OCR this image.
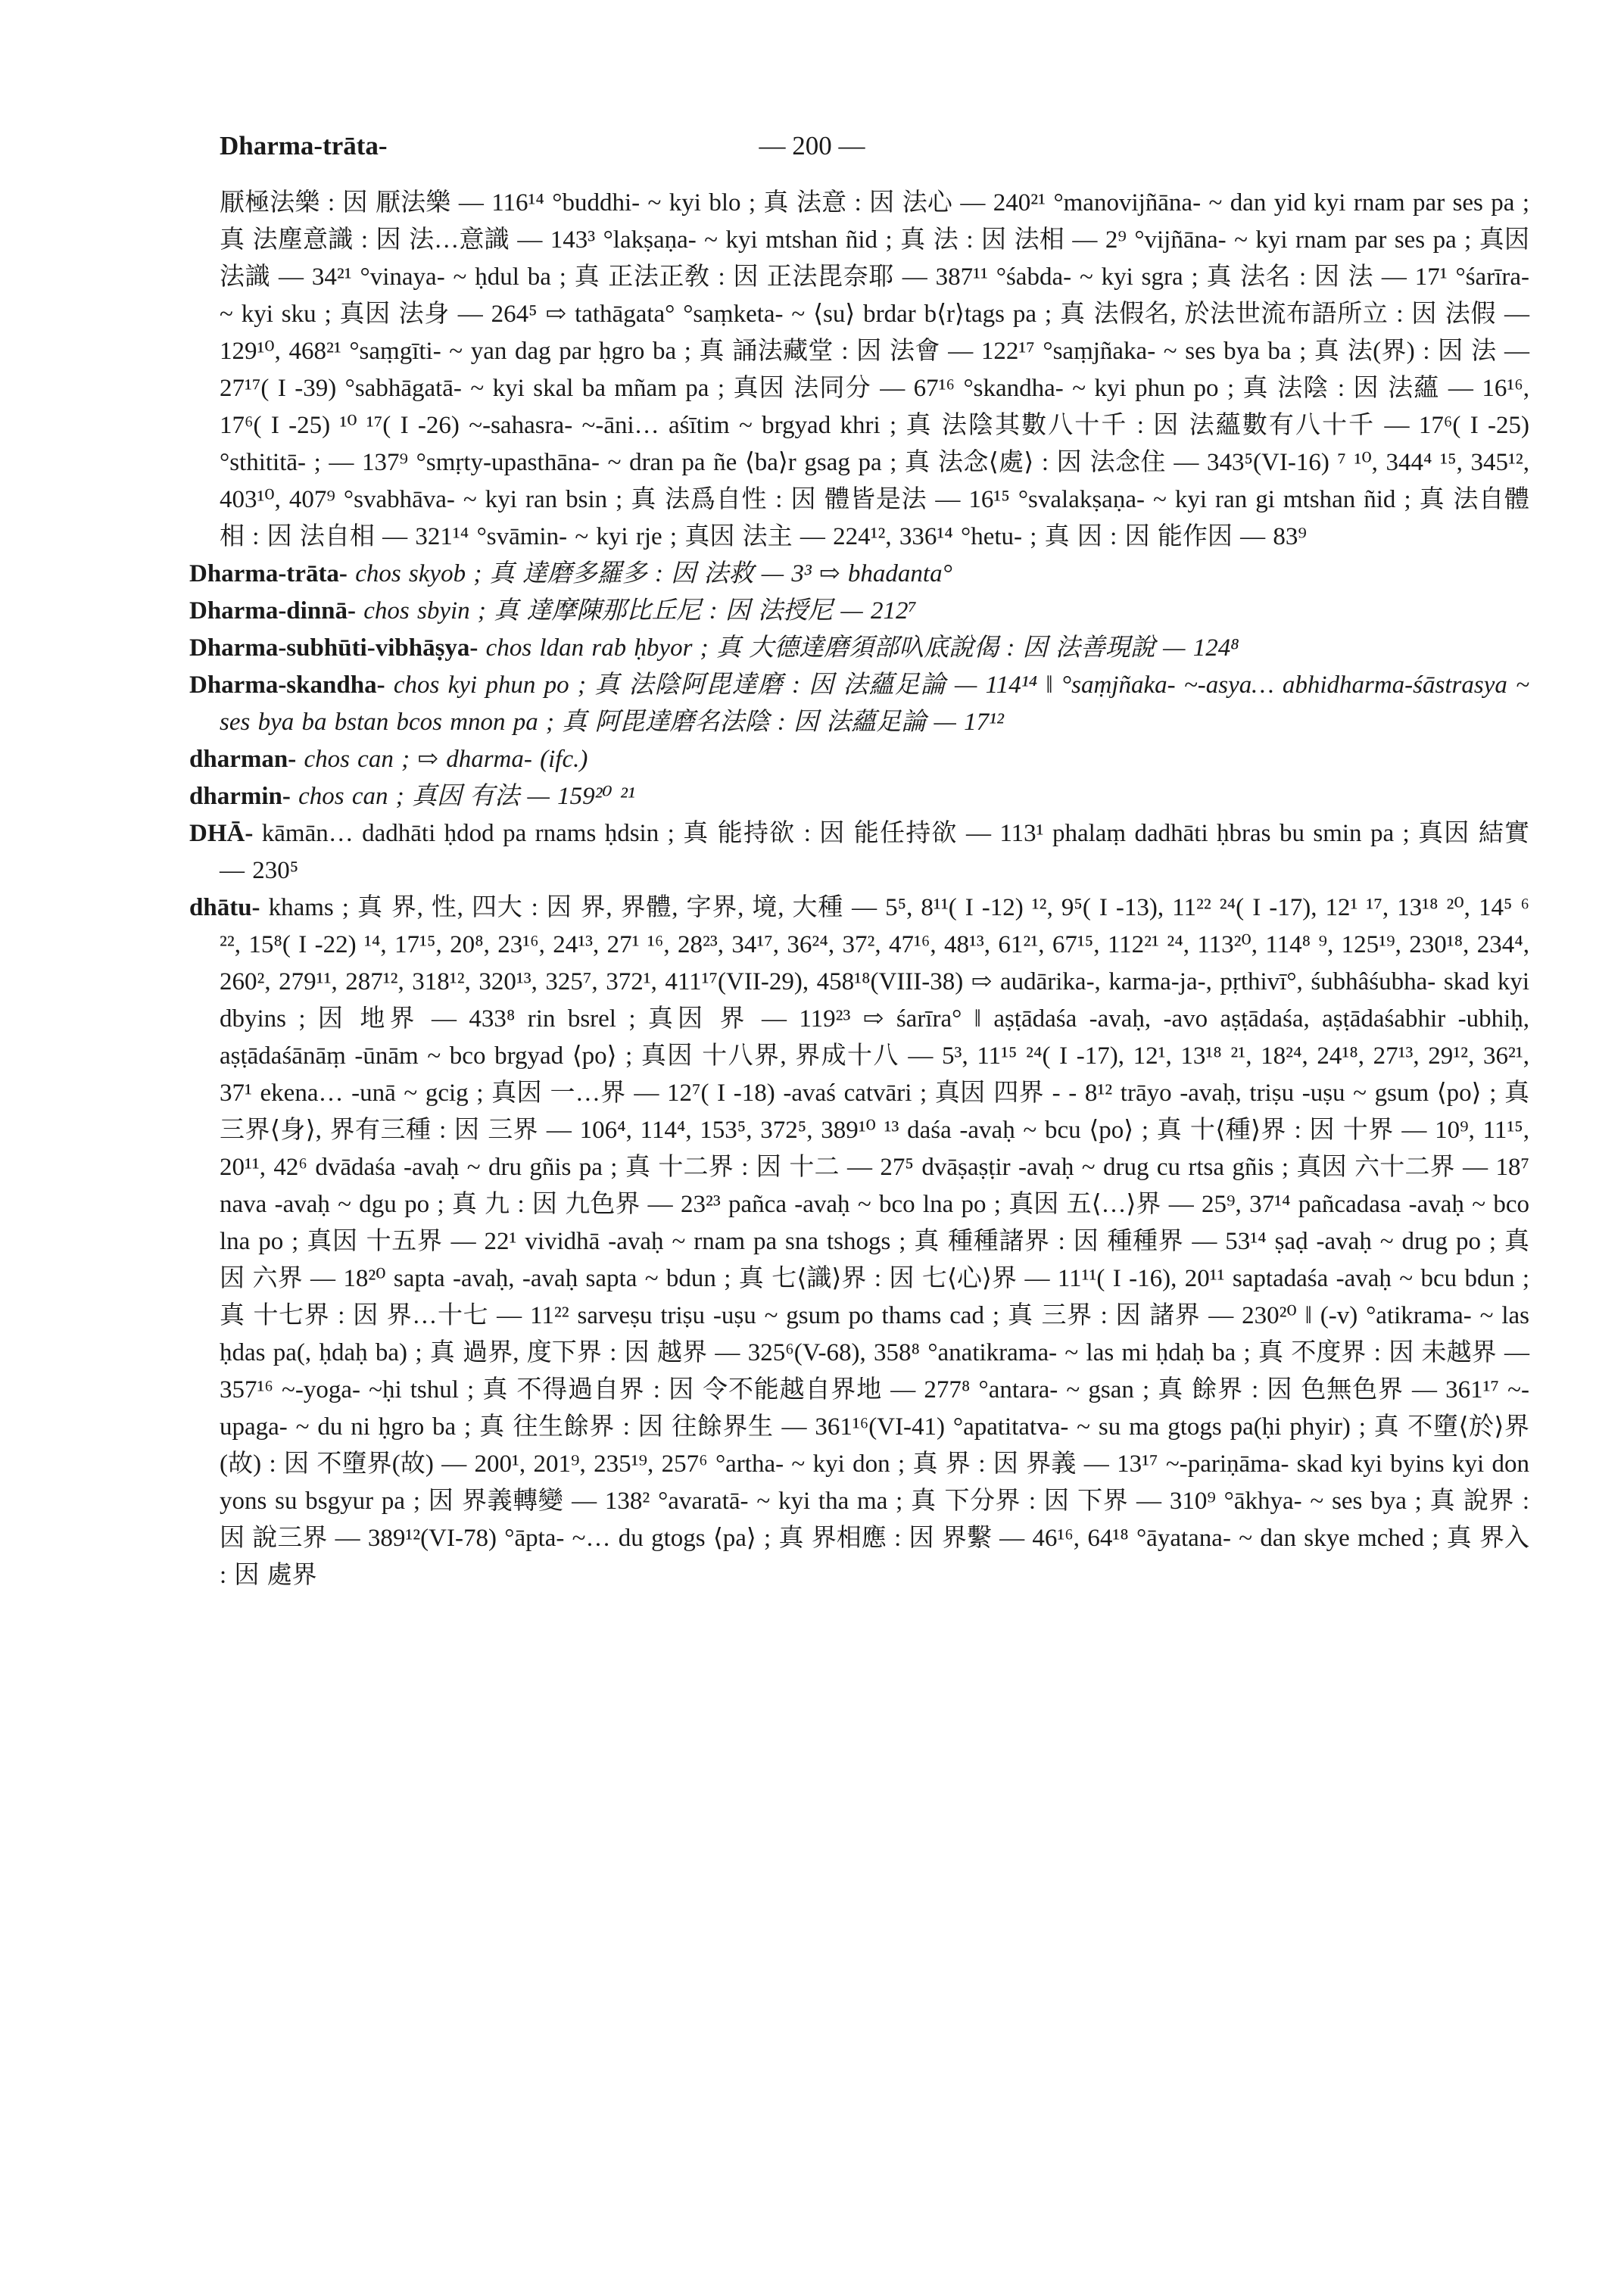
Dharma-trāta-	— 200 —

厭極法樂 : 因 厭法樂 — 116¹⁴ °buddhi- ~ kyi blo ; 真 法意 : 因 法心 — 240²¹ °manovijñāna- ~ dan yid kyi rnam par ses pa ; 真 法塵意識 : 因 法…意識 — 143³ °lakṣaṇa- ~ kyi mtshan ñid ; 真 法 : 因 法相 — 2⁹ °vijñāna- ~ kyi rnam par ses pa ; 真因 法識 — 34²¹ °vinaya- ~ ḥdul ba ; 真 正法正敎 : 因 正法毘奈耶 — 387¹¹ °śabda- ~ kyi sgra ; 真 法名 : 因 法 — 17¹ °śarīra- ~ kyi sku ; 真因 法身 — 264⁵ ⇨ tathāgata° °saṃketa- ~ ⟨su⟩ brdar b⟨r⟩tags pa ; 真 法假名, 於法世流布語所立 : 因 法假 — 129¹⁰, 468²¹ °saṃgīti- ~ yan dag par ḥgro ba ; 真 誦法藏堂 : 因 法會 — 122¹⁷ °saṃjñaka- ~ ses bya ba ; 真 法(界) : 因 法 — 27¹⁷( I -39) °sabhāgatā- ~ kyi skal ba mñam pa ; 真因 法同分 — 67¹⁶ °skandha- ~ kyi phun po ; 真 法陰 : 因 法蘊 — 16¹⁶, 17⁶( I -25) ¹⁰ ¹⁷( I -26) ~-sahasra- ~-āni… aśītim ~ brgyad khri ; 真 法陰其數八十千 : 因 法蘊數有八十千 — 17⁶( I -25) °sthititā- ; — 137⁹ °smṛty-upasthāna- ~ dran pa ñe ⟨ba⟩r gsag pa ; 真 法念⟨處⟩ : 因 法念住 — 343⁵(VI-16) ⁷ ¹⁰, 344⁴ ¹⁵, 345¹², 403¹⁰, 407⁹ °svabhāva- ~ kyi ran bsin ; 真 法爲自性 : 因 體皆是法 — 16¹⁵ °svalakṣaṇa- ~ kyi ran gi mtshan ñid ; 真 法自體相 : 因 法自相 — 321¹⁴ °svāmin- ~ kyi rje ; 真因 法主 — 224¹², 336¹⁴ °hetu- ; 真 因 : 因 能作因 — 83⁹

Dharma-trāta- chos skyob ; 真 達磨多羅多 : 因 法救 — 3³ ⇨ bhadanta°

Dharma-dinnā- chos sbyin ; 真 達摩陳那比丘尼 : 因 法授尼 — 212⁷

Dharma-subhūti-vibhāṣya- chos ldan rab ḥbyor ; 真 大德達磨須部叺底說偈 : 因 法善現說 — 124⁸

Dharma-skandha- chos kyi phun po ; 真 法陰阿毘達磨 : 因 法蘊足論 — 114¹⁴ ‖ °saṃjñaka- ~-asya… abhidharma-śāstrasya ~ ses bya ba bstan bcos mnon pa ; 真 阿毘達磨名法陰 : 因 法蘊足論 — 17¹²

dharman- chos can ; ⇨ dharma- (ifc.)

dharmin- chos can ; 真因 有法 — 159²⁰ ²¹

DHĀ- kāmān… dadhāti ḥdod pa rnams ḥdsin ; 真 能持欲 : 因 能任持欲 — 113¹ phalaṃ dadhāti ḥbras bu smin pa ; 真因 結實 — 230⁵

dhātu- khams ; 真 界, 性, 四大 : 因 界, 界體, 字界, 境, 大種 — 5⁵, 8¹¹( I -12) ¹², 9⁵( I -13), 11²² ²⁴( I -17), 12¹ ¹⁷, 13¹⁸ ²⁰, 14⁵ ⁶ ²², 15⁸( I -22) ¹⁴, 17¹⁵, 20⁸, 23¹⁶, 24¹³, 27¹ ¹⁶, 28²³, 34¹⁷, 36²⁴, 37², 47¹⁶, 48¹³, 61²¹, 67¹⁵, 112²¹ ²⁴, 113²⁰, 114⁸ ⁹, 125¹⁹, 230¹⁸, 234⁴, 260², 279¹¹, 287¹², 318¹², 320¹³, 325⁷, 372¹, 411¹⁷(VII-29), 458¹⁸(VIII-38) ⇨ audārika-, karma-ja-, pṛthivī°, śubhâśubha- skad kyi dbyins ; 因 地界 — 433⁸ rin bsrel ; 真因 界 — 119²³ ⇨ śarīra° ‖ aṣṭādaśa -avaḥ, -avo aṣṭādaśa, aṣṭādaśabhir -ubhiḥ, aṣṭādaśānāṃ -ūnām ~ bco brgyad ⟨po⟩ ; 真因 十八界, 界成十八 — 5³, 11¹⁵ ²⁴( I -17), 12¹, 13¹⁸ ²¹, 18²⁴, 24¹⁸, 27¹³, 29¹², 36²¹, 37¹ ekena… -unā ~ gcig ; 真因 一…界 — 12⁷( I -18) -avaś catvāri ; 真因 四界 - - 8¹² trāyo -avaḥ, triṣu -uṣu ~ gsum ⟨po⟩ ; 真 三界⟨身⟩, 界有三種 : 因 三界 — 106⁴, 114⁴, 153⁵, 372⁵, 389¹⁰ ¹³ daśa -avaḥ ~ bcu ⟨po⟩ ; 真 十⟨種⟩界 : 因 十界 — 10⁹, 11¹⁵, 20¹¹, 42⁶ dvādaśa -avaḥ ~ dru gñis pa ; 真 十二界 : 因 十二 — 27⁵ dvāṣaṣṭir -avaḥ ~ drug cu rtsa gñis ; 真因 六十二界 — 18⁷ nava -avaḥ ~ dgu po ; 真 九 : 因 九色界 — 23²³ pañca -avaḥ ~ bco lna po ; 真因 五⟨…⟩界 — 25⁹, 37¹⁴ pañcadasa -avaḥ ~ bco lna po ; 真因 十五界 — 22¹ vividhā -avaḥ ~ rnam pa sna tshogs ; 真 種種諸界 : 因 種種界 — 53¹⁴ ṣaḍ -avaḥ ~ drug po ; 真因 六界 — 18²⁰ sapta -avaḥ, -avaḥ sapta ~ bdun ; 真 七⟨識⟩界 : 因 七⟨心⟩界 — 11¹¹( I -16), 20¹¹ saptadaśa -avaḥ ~ bcu bdun ; 真 十七界 : 因 界…十七 — 11²² sarveṣu triṣu -uṣu ~ gsum po thams cad ; 真 三界 : 因 諸界 — 230²⁰ ‖ (-v) °atikrama- ~ las ḥdas pa(, ḥdaḥ ba) ; 真 過界, 度下界 : 因 越界 — 325⁶(V-68), 358⁸ °anatikrama- ~ las mi ḥdaḥ ba ; 真 不度界 : 因 未越界 — 357¹⁶ ~-yoga- ~ḥi tshul ; 真 不得過自界 : 因 令不能越自界地 — 277⁸ °antara- ~ gsan ; 真 餘界 : 因 色無色界 — 361¹⁷ ~-upaga- ~ du ni ḥgro ba ; 真 往生餘界 : 因 往餘界生 — 361¹⁶(VI-41) °apatitatva- ~ su ma gtogs pa(ḥi phyir) ; 真 不墮⟨於⟩界(故) : 因 不墮界(故) — 200¹, 201⁹, 235¹⁹, 257⁶ °artha- ~ kyi don ; 真 界 : 因 界義 — 13¹⁷ ~-pariṇāma- skad kyi byins kyi don yons su bsgyur pa ; 因 界義轉變 — 138² °avaratā- ~ kyi tha ma ; 真 下分界 : 因 下界 — 310⁹ °ākhya- ~ ses bya ; 真 說界 : 因 說三界 — 389¹²(VI-78) °āpta- ~… du gtogs ⟨pa⟩ ; 真 界相應 : 因 界繫 — 46¹⁶, 64¹⁸ °āyatana- ~ dan skye mched ; 真 界入 : 因 處界
